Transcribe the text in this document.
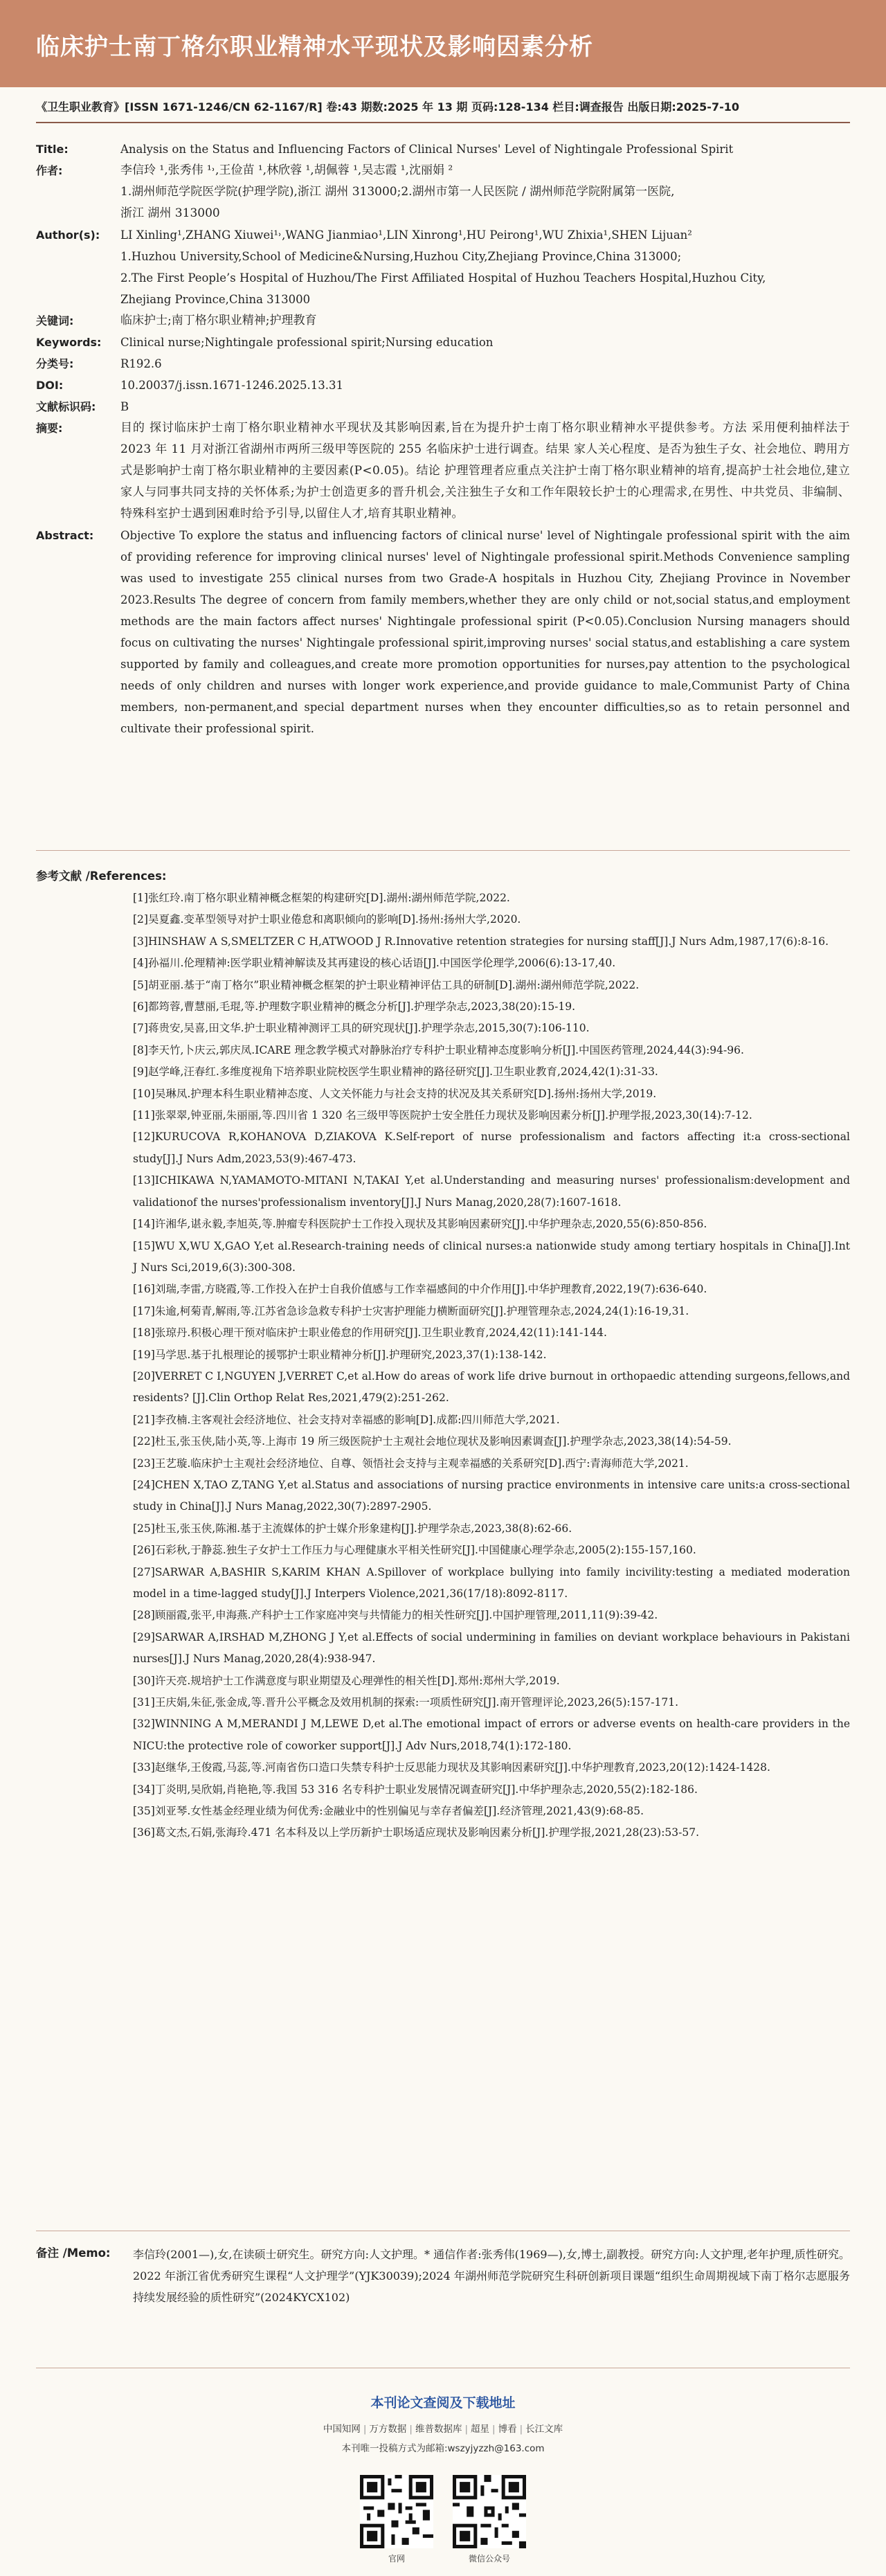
临床护士南丁格尔职业精神水平现状及影响因素分析
《卫生职业教育》[ISSN 1671-1246/CN 62-1167/R] 卷:43 期数:2025 年 13 期 页码:128-134 栏目:调查报告 出版日期:2025-7-10
Title:	Analysis on the Status and Influencing Factors of Clinical Nurses' Level of Nightingale Professional Spirit
作者:	李信玲 ¹,张秀伟 ¹˒,王俭苗 ¹,林欣蓉 ¹,胡佩蓉 ¹,吴志霞 ¹,沈丽娟 ²
1.湖州师范学院医学院(护理学院),浙江 湖州 313000;2.湖州市第一人民医院 / 湖州师范学院附属第一医院,
浙江 湖州 313000
Author(s):	LI Xinling¹,ZHANG Xiuwei¹˒,WANG Jianmiao¹,LIN Xinrong¹,HU Peirong¹,WU Zhixia¹,SHEN Lijuan²
1.Huzhou University,School of Medicine&Nursing,Huzhou City,Zhejiang Province,China 313000;
2.The First People’s Hospital of Huzhou/The First Affiliated Hospital of Huzhou Teachers Hospital,Huzhou City,
Zhejiang Province,China 313000
关键词:	临床护士;南丁格尔职业精神;护理教育
Keywords:	Clinical nurse;Nightingale professional spirit;Nursing education
分类号:	R192.6
DOI:	10.20037/j.issn.1671-1246.2025.13.31
文献标识码:	B
摘要:	目的 探讨临床护士南丁格尔职业精神水平现状及其影响因素,旨在为提升护士南丁格尔职业精神水平提供参考。方法 采用便利抽样法于 2023 年 11 月对浙江省湖州市两所三级甲等医院的 255 名临床护士进行调查。结果 家人关心程度、是否为独生子女、社会地位、聘用方式是影响护士南丁格尔职业精神的主要因素(P<0.05)。结论 护理管理者应重点关注护士南丁格尔职业精神的培育,提高护士社会地位,建立家人与同事共同支持的关怀体系;为护士创造更多的晋升机会,关注独生子女和工作年限较长护士的心理需求,在男性、中共党员、非编制、特殊科室护士遇到困难时给予引导,以留住人才,培育其职业精神。
Abstract:	Objective To explore the status and influencing factors of clinical nurse' level of Nightingale professional spirit with the aim of providing reference for improving clinical nurses' level of Nightingale professional spirit.Methods Convenience sampling was used to investigate 255 clinical nurses from two Grade-A hospitals in Huzhou City, Zhejiang Province in November 2023.Results The degree of concern from family members,whether they are only child or not,social status,and employment methods are the main factors affect nurses' Nightingale professional spirit (P<0.05).Conclusion Nursing managers should focus on cultivating the nurses' Nightingale professional spirit,improving nurses' social status,and establishing a care system supported by family and colleagues,and create more promotion opportunities for nurses,pay attention to the psychological needs of only children and nurses with longer work experience,and provide guidance to male,Communist Party of China members, non-permanent,and special department nurses when they encounter difficulties,so as to retain personnel and cultivate their professional spirit.
参考文献 /References:
[1]张红玲.南丁格尔职业精神概念框架的构建研究[D].湖州:湖州师范学院,2022.
[2]吴夏鑫.变革型领导对护士职业倦怠和离职倾向的影响[D].扬州:扬州大学,2020.
[3]HINSHAW A S,SMELTZER C H,ATWOOD J R.Innovative retention strategies for nursing staff[J].J Nurs Adm,1987,17(6):8-16.
[4]孙福川.伦理精神:医学职业精神解读及其再建设的核心话语[J].中国医学伦理学,2006(6):13-17,40.
[5]胡亚丽.基于“南丁格尔”职业精神概念框架的护士职业精神评估工具的研制[D].湖州:湖州师范学院,2022.
[6]都筠蓉,曹慧丽,毛琨,等.护理数字职业精神的概念分析[J].护理学杂志,2023,38(20):15-19.
[7]蒋贵安,吴喜,田文华.护士职业精神测评工具的研究现状[J].护理学杂志,2015,30(7):106-110.
[8]李天竹,卜庆云,郭庆凤.ICARE 理念教学模式对静脉治疗专科护士职业精神态度影响分析[J].中国医药管理,2024,44(3):94-96.
[9]赵学峰,汪春红.多维度视角下培养职业院校医学生职业精神的路径研究[J].卫生职业教育,2024,42(1):31-33.
[10]吴琳凤.护理本科生职业精神态度、人文关怀能力与社会支持的状况及其关系研究[D].扬州:扬州大学,2019.
[11]张翠翠,钟亚丽,朱丽丽,等.四川省 1 320 名三级甲等医院护士安全胜任力现状及影响因素分析[J].护理学报,2023,30(14):7-12.
[12]KURUCOVA R,KOHANOVA D,ZIAKOVA K.Self-report of nurse professionalism and factors affecting it:a cross-sectional study[J].J Nurs Adm,2023,53(9):467-473.
[13]ICHIKAWA N,YAMAMOTO-MITANI N,TAKAI Y,et al.Understanding and measuring nurses' professionalism:development and validationof the nurses'professionalism inventory[J].J Nurs Manag,2020,28(7):1607-1618.
[14]许湘华,谌永毅,李旭英,等.肿瘤专科医院护士工作投入现状及其影响因素研究[J].中华护理杂志,2020,55(6):850-856.
[15]WU X,WU X,GAO Y,et al.Research-training needs of clinical nurses:a nationwide study among tertiary hospitals in China[J].Int J Nurs Sci,2019,6(3):300-308.
[16]刘瑞,李雷,方晓霞,等.工作投入在护士自我价值感与工作幸福感间的中介作用[J].中华护理教育,2022,19(7):636-640.
[17]朱逾,柯菊青,解雨,等.江苏省急诊急救专科护士灾害护理能力横断面研究[J].护理管理杂志,2024,24(1):16-19,31.
[18]张琼丹.积极心理干预对临床护士职业倦怠的作用研究[J].卫生职业教育,2024,42(11):141-144.
[19]马学思.基于扎根理论的援鄂护士职业精神分析[J].护理研究,2023,37(1):138-142.
[20]VERRET C I,NGUYEN J,VERRET C,et al.How do areas of work life drive burnout in orthopaedic attending surgeons,fellows,and residents? [J].Clin Orthop Relat Res,2021,479(2):251-262.
[21]李孜楠.主客观社会经济地位、社会支持对幸福感的影响[D].成都:四川师范大学,2021.
[22]杜玉,张玉侠,陆小英,等.上海市 19 所三级医院护士主观社会地位现状及影响因素调查[J].护理学杂志,2023,38(14):54-59.
[23]王艺璇.临床护士主观社会经济地位、自尊、领悟社会支持与主观幸福感的关系研究[D].西宁:青海师范大学,2021.
[24]CHEN X,TAO Z,TANG Y,et al.Status and associations of nursing practice environments in intensive care units:a cross-sectional study in China[J].J Nurs Manag,2022,30(7):2897-2905.
[25]杜玉,张玉侠,陈湘.基于主流媒体的护士媒介形象建构[J].护理学杂志,2023,38(8):62-66.
[26]石彩秋,于静蕊.独生子女护士工作压力与心理健康水平相关性研究[J].中国健康心理学杂志,2005(2):155-157,160.
[27]SARWAR A,BASHIR S,KARIM KHAN A.Spillover of workplace bullying into family incivility:testing a mediated moderation model in a time-lagged study[J].J Interpers Violence,2021,36(17/18):8092-8117.
[28]顾丽霞,张平,申海燕.产科护士工作家庭冲突与共情能力的相关性研究[J].中国护理管理,2011,11(9):39-42.
[29]SARWAR A,IRSHAD M,ZHONG J Y,et al.Effects of social undermining in families on deviant workplace behaviours in Pakistani nurses[J].J Nurs Manag,2020,28(4):938-947.
[30]许天亮.规培护士工作满意度与职业期望及心理弹性的相关性[D].郑州:郑州大学,2019.
[31]王庆娟,朱征,张金成,等.晋升公平概念及效用机制的探索:一项质性研究[J].南开管理评论,2023,26(5):157-171.
[32]WINNING A M,MERANDI J M,LEWE D,et al.The emotional impact of errors or adverse events on health-care providers in the NICU:the protective role of coworker support[J].J Adv Nurs,2018,74(1):172-180.
[33]赵继华,王俊霞,马蕊,等.河南省伤口造口失禁专科护士反思能力现状及其影响因素研究[J].中华护理教育,2023,20(12):1424-1428.
[34]丁炎明,吴欣娟,肖艳艳,等.我国 53 316 名专科护士职业发展情况调查研究[J].中华护理杂志,2020,55(2):182-186.
[35]刘亚琴.女性基金经理业绩为何优秀:金融业中的性别偏见与幸存者偏差[J].经济管理,2021,43(9):68-85.
[36]葛文杰,石娟,张海玲.471 名本科及以上学历新护士职场适应现状及影响因素分析[J].护理学报,2021,28(23):53-57.
备注 /Memo: 李信玲(2001—),女,在读硕士研究生。研究方向:人文护理。* 通信作者:张秀伟(1969—),女,博士,副教授。研究方向:人文护理,老年护理,质性研究。2022 年浙江省优秀研究生课程“人文护理学”(YJK30039);2024 年湖州师范学院研究生科研创新项目课题“组织生命周期视域下南丁格尔志愿服务持续发展经验的质性研究”(2024KYCX102)
本刊论文查阅及下载地址
中国知网 | 万方数据 | 维普数据库 | 超星 | 博看 | 长江文库
本刊唯一投稿方式为邮箱:wszyjyzzh@163.com
官网	微信公众号
